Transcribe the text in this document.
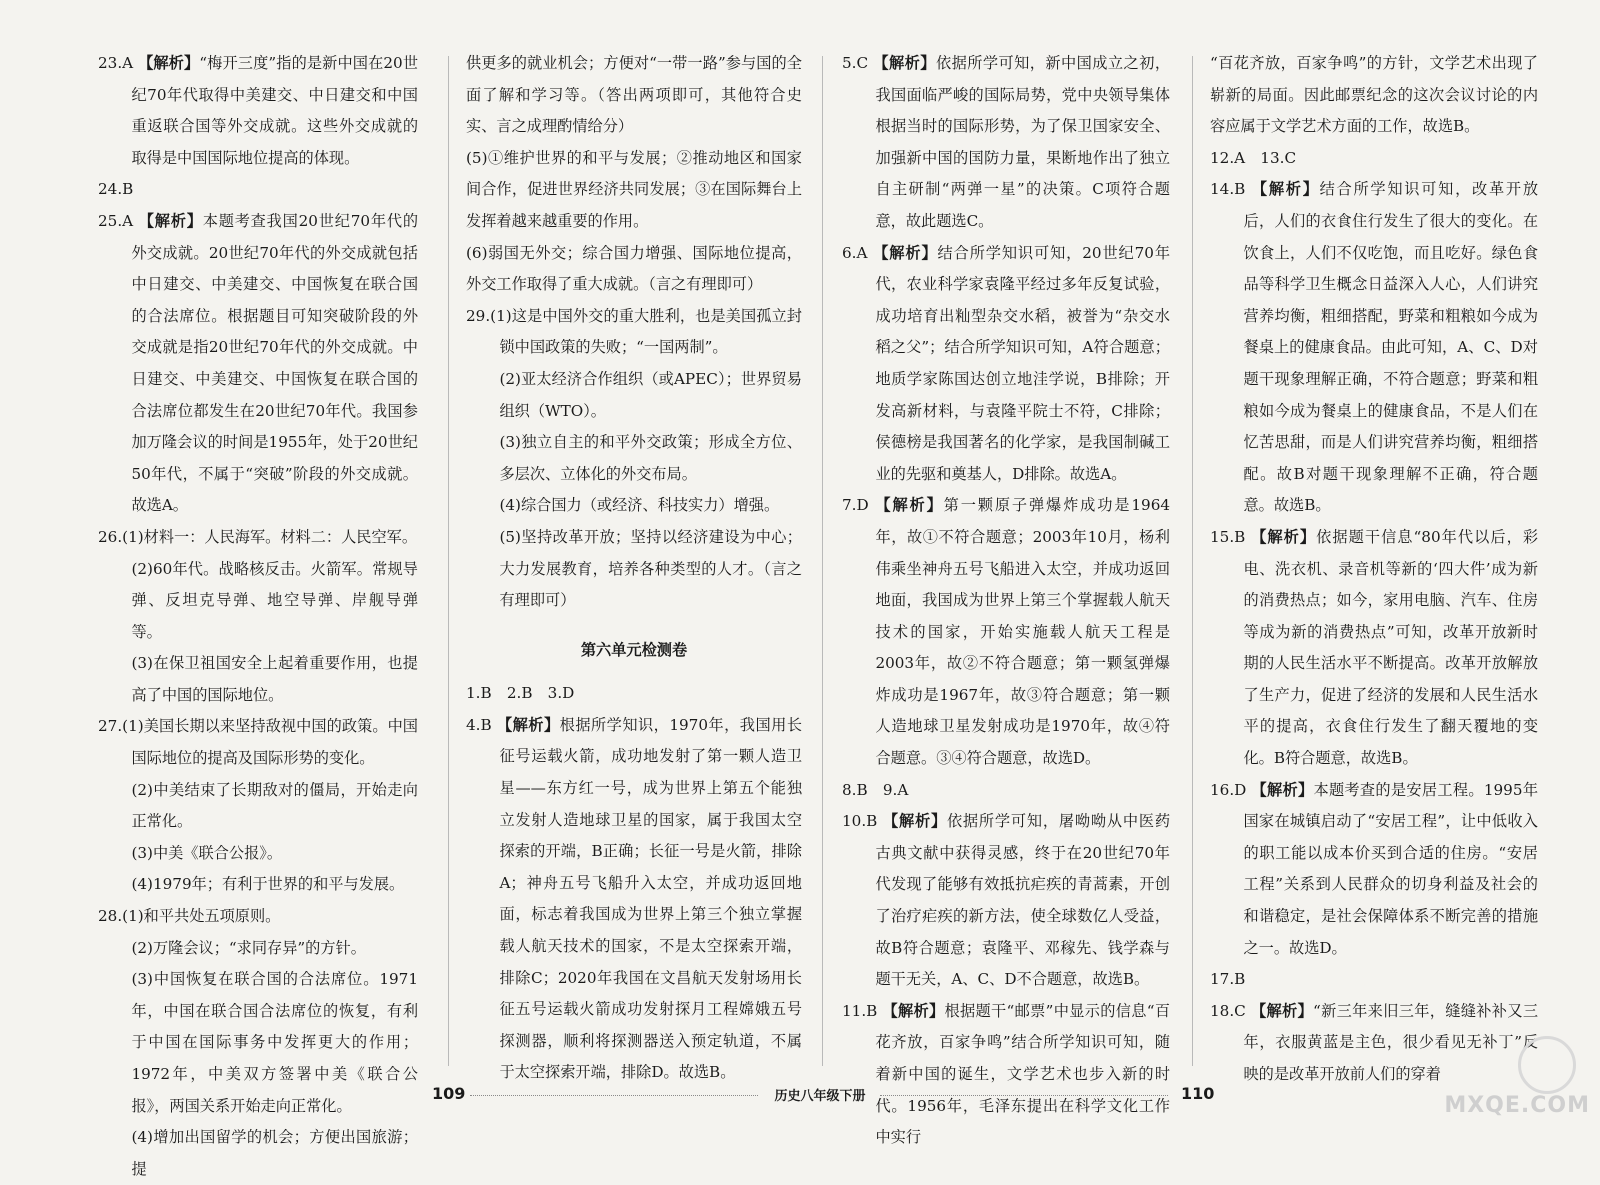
23.A 【解析】“梅开三度”指的是新中国在20世纪70年代取得中美建交、中日建交和中国重返联合国等外交成就。这些外交成就的取得是中国国际地位提高的体现。

24.B

25.A 【解析】本题考查我国20世纪70年代的外交成就。20世纪70年代的外交成就包括中日建交、中美建交、中国恢复在联合国的合法席位。根据题目可知突破阶段的外交成就是指20世纪70年代的外交成就。中日建交、中美建交、中国恢复在联合国的合法席位都发生在20世纪70年代。我国参加万隆会议的时间是1955年，处于20世纪50年代，不属于“突破”阶段的外交成就。故选A。

26.(1)材料一：人民海军。材料二：人民空军。

(2)60年代。战略核反击。火箭军。常规导弹、反坦克导弹、地空导弹、岸舰导弹等。

(3)在保卫祖国安全上起着重要作用，也提高了中国的国际地位。

27.(1)美国长期以来坚持敌视中国的政策。中国国际地位的提高及国际形势的变化。

(2)中美结束了长期敌对的僵局，开始走向正常化。

(3)中美《联合公报》。

(4)1979年；有利于世界的和平与发展。

28.(1)和平共处五项原则。

(2)万隆会议；“求同存异”的方针。

(3)中国恢复在联合国的合法席位。1971年，中国在联合国合法席位的恢复，有利于中国在国际事务中发挥更大的作用；1972年，中美双方签署中美《联合公报》，两国关系开始走向正常化。

(4)增加出国留学的机会；方便出国旅游；提

供更多的就业机会；方便对“一带一路”参与国的全面了解和学习等。（答出两项即可，其他符合史实、言之成理酌情给分）

(5)①维护世界的和平与发展；②推动地区和国家间合作，促进世界经济共同发展；③在国际舞台上发挥着越来越重要的作用。

(6)弱国无外交；综合国力增强、国际地位提高，外交工作取得了重大成就。（言之有理即可）

29.(1)这是中国外交的重大胜利，也是美国孤立封锁中国政策的失败；“一国两制”。

(2)亚太经济合作组织（或APEC）；世界贸易组织（WTO）。

(3)独立自主的和平外交政策；形成全方位、多层次、立体化的外交布局。

(4)综合国力（或经济、科技实力）增强。

(5)坚持改革开放；坚持以经济建设为中心；大力发展教育，培养各种类型的人才。（言之有理即可）

第六单元检测卷

1.B　2.B　3.D

4.B 【解析】根据所学知识，1970年，我国用长征号运载火箭，成功地发射了第一颗人造卫星——东方红一号，成为世界上第五个能独立发射人造地球卫星的国家，属于我国太空探索的开端，B正确；长征一号是火箭，排除A；神舟五号飞船升入太空，并成功返回地面，标志着我国成为世界上第三个独立掌握载人航天技术的国家，不是太空探索开端，排除C；2020年我国在文昌航天发射场用长征五号运载火箭成功发射探月工程嫦娥五号探测器，顺利将探测器送入预定轨道，不属于太空探索开端，排除D。故选B。

5.C 【解析】依据所学可知，新中国成立之初，我国面临严峻的国际局势，党中央领导集体根据当时的国际形势，为了保卫国家安全、加强新中国的国防力量，果断地作出了独立自主研制“两弹一星”的决策。C项符合题意，故此题选C。

6.A 【解析】结合所学知识可知，20世纪70年代，农业科学家袁隆平经过多年反复试验，成功培育出籼型杂交水稻，被誉为“杂交水稻之父”；结合所学知识可知，A符合题意；地质学家陈国达创立地洼学说，B排除；开发高新材料，与袁隆平院士不符，C排除；侯德榜是我国著名的化学家，是我国制碱工业的先驱和奠基人，D排除。故选A。

7.D 【解析】第一颗原子弹爆炸成功是1964年，故①不符合题意；2003年10月，杨利伟乘坐神舟五号飞船进入太空，并成功返回地面，我国成为世界上第三个掌握载人航天技术的国家，开始实施载人航天工程是2003年，故②不符合题意；第一颗氢弹爆炸成功是1967年，故③符合题意；第一颗人造地球卫星发射成功是1970年，故④符合题意。③④符合题意，故选D。

8.B　9.A

10.B 【解析】依据所学可知，屠呦呦从中医药古典文献中获得灵感，终于在20世纪70年代发现了能够有效抵抗疟疾的青蒿素，开创了治疗疟疾的新方法，使全球数亿人受益，故B符合题意；袁隆平、邓稼先、钱学森与题干无关，A、C、D不合题意，故选B。

11.B 【解析】根据题干“邮票”中显示的信息“百花齐放，百家争鸣”结合所学知识可知，随着新中国的诞生，文学艺术也步入新的时代。1956年，毛泽东提出在科学文化工作中实行

“百花齐放，百家争鸣”的方针，文学艺术出现了崭新的局面。因此邮票纪念的这次会议讨论的内容应属于文学艺术方面的工作，故选B。

12.A　13.C

14.B 【解析】结合所学知识可知，改革开放后，人们的衣食住行发生了很大的变化。在饮食上，人们不仅吃饱，而且吃好。绿色食品等科学卫生概念日益深入人心，人们讲究营养均衡，粗细搭配，野菜和粗粮如今成为餐桌上的健康食品。由此可知，A、C、D对题干现象理解正确，不符合题意；野菜和粗粮如今成为餐桌上的健康食品，不是人们在忆苦思甜，而是人们讲究营养均衡，粗细搭配。故B对题干现象理解不正确，符合题意。故选B。

15.B 【解析】依据题干信息“80年代以后，彩电、洗衣机、录音机等新的‘四大件’成为新的消费热点；如今，家用电脑、汽车、住房等成为新的消费热点”可知，改革开放新时期的人民生活水平不断提高。改革开放解放了生产力，促进了经济的发展和人民生活水平的提高，衣食住行发生了翻天覆地的变化。B符合题意，故选B。

16.D 【解析】本题考查的是安居工程。1995年国家在城镇启动了“安居工程”，让中低收入的职工能以成本价买到合适的住房。“安居工程”关系到人民群众的切身利益及社会的和谐稳定，是社会保障体系不断完善的措施之一。故选D。

17.B

18.C 【解析】“新三年来旧三年，缝缝补补又三年，衣服黄蓝是主色，很少看见无补丁”反映的是改革开放前人们的穿着

109	历史八年级下册	110	MXQE.COM
